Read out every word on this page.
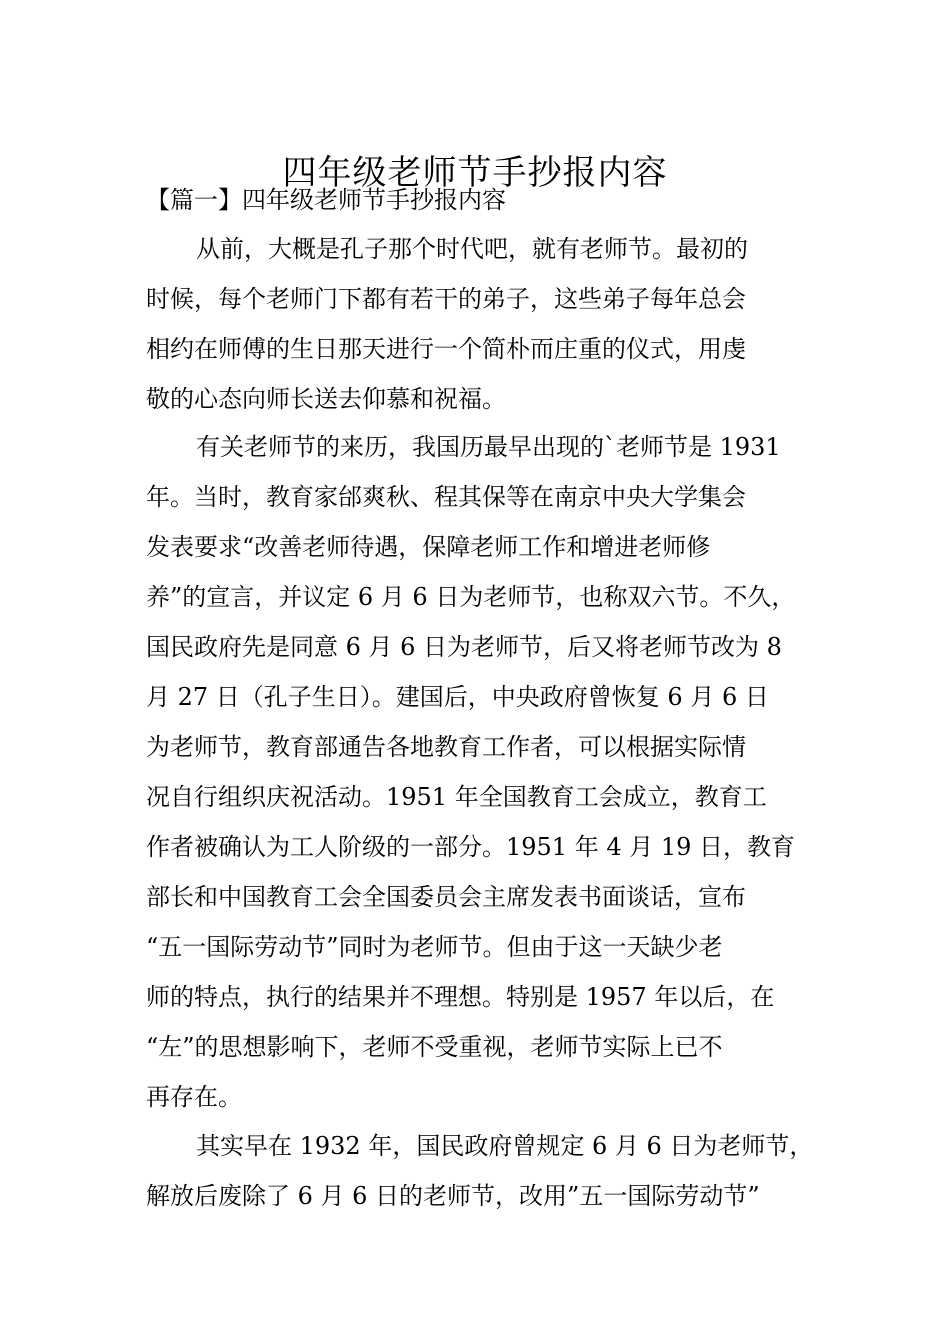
四年级老师节手抄报内容
【篇一】四年级老师节手抄报内容
从前，大概是孔子那个时代吧，就有老师节。最初的
时候，每个老师门下都有若干的弟子，这些弟子每年总会
相约在师傅的生日那天进行一个简朴而庄重的仪式，用虔
敬的心态向师长送去仰慕和祝福。
有关老师节的来历，我国历最早出现的`老师节是 1931
年。当时，教育家邰爽秋、程其保等在南京中央大学集会
发表要求“改善老师待遇，保障老师工作和增进老师修
养”的宣言，并议定 6 月 6 日为老师节，也称双六节。不久，
国民政府先是同意 6 月 6 日为老师节，后又将老师节改为 8
月 27 日（孔子生日）。建国后，中央政府曾恢复 6 月 6 日
为老师节，教育部通告各地教育工作者，可以根据实际情
况自行组织庆祝活动。1951 年全国教育工会成立，教育工
作者被确认为工人阶级的一部分。1951 年 4 月 19 日，教育
部长和中国教育工会全国委员会主席发表书面谈话，宣布
“五一国际劳动节”同时为老师节。但由于这一天缺少老
师的特点，执行的结果并不理想。特别是 1957 年以后，在
“左”的思想影响下，老师不受重视，老师节实际上已不
再存在。
其实早在 1932 年，国民政府曾规定 6 月 6 日为老师节，
解放后废除了 6 月 6 日的老师节，改用”五一国际劳动节”
